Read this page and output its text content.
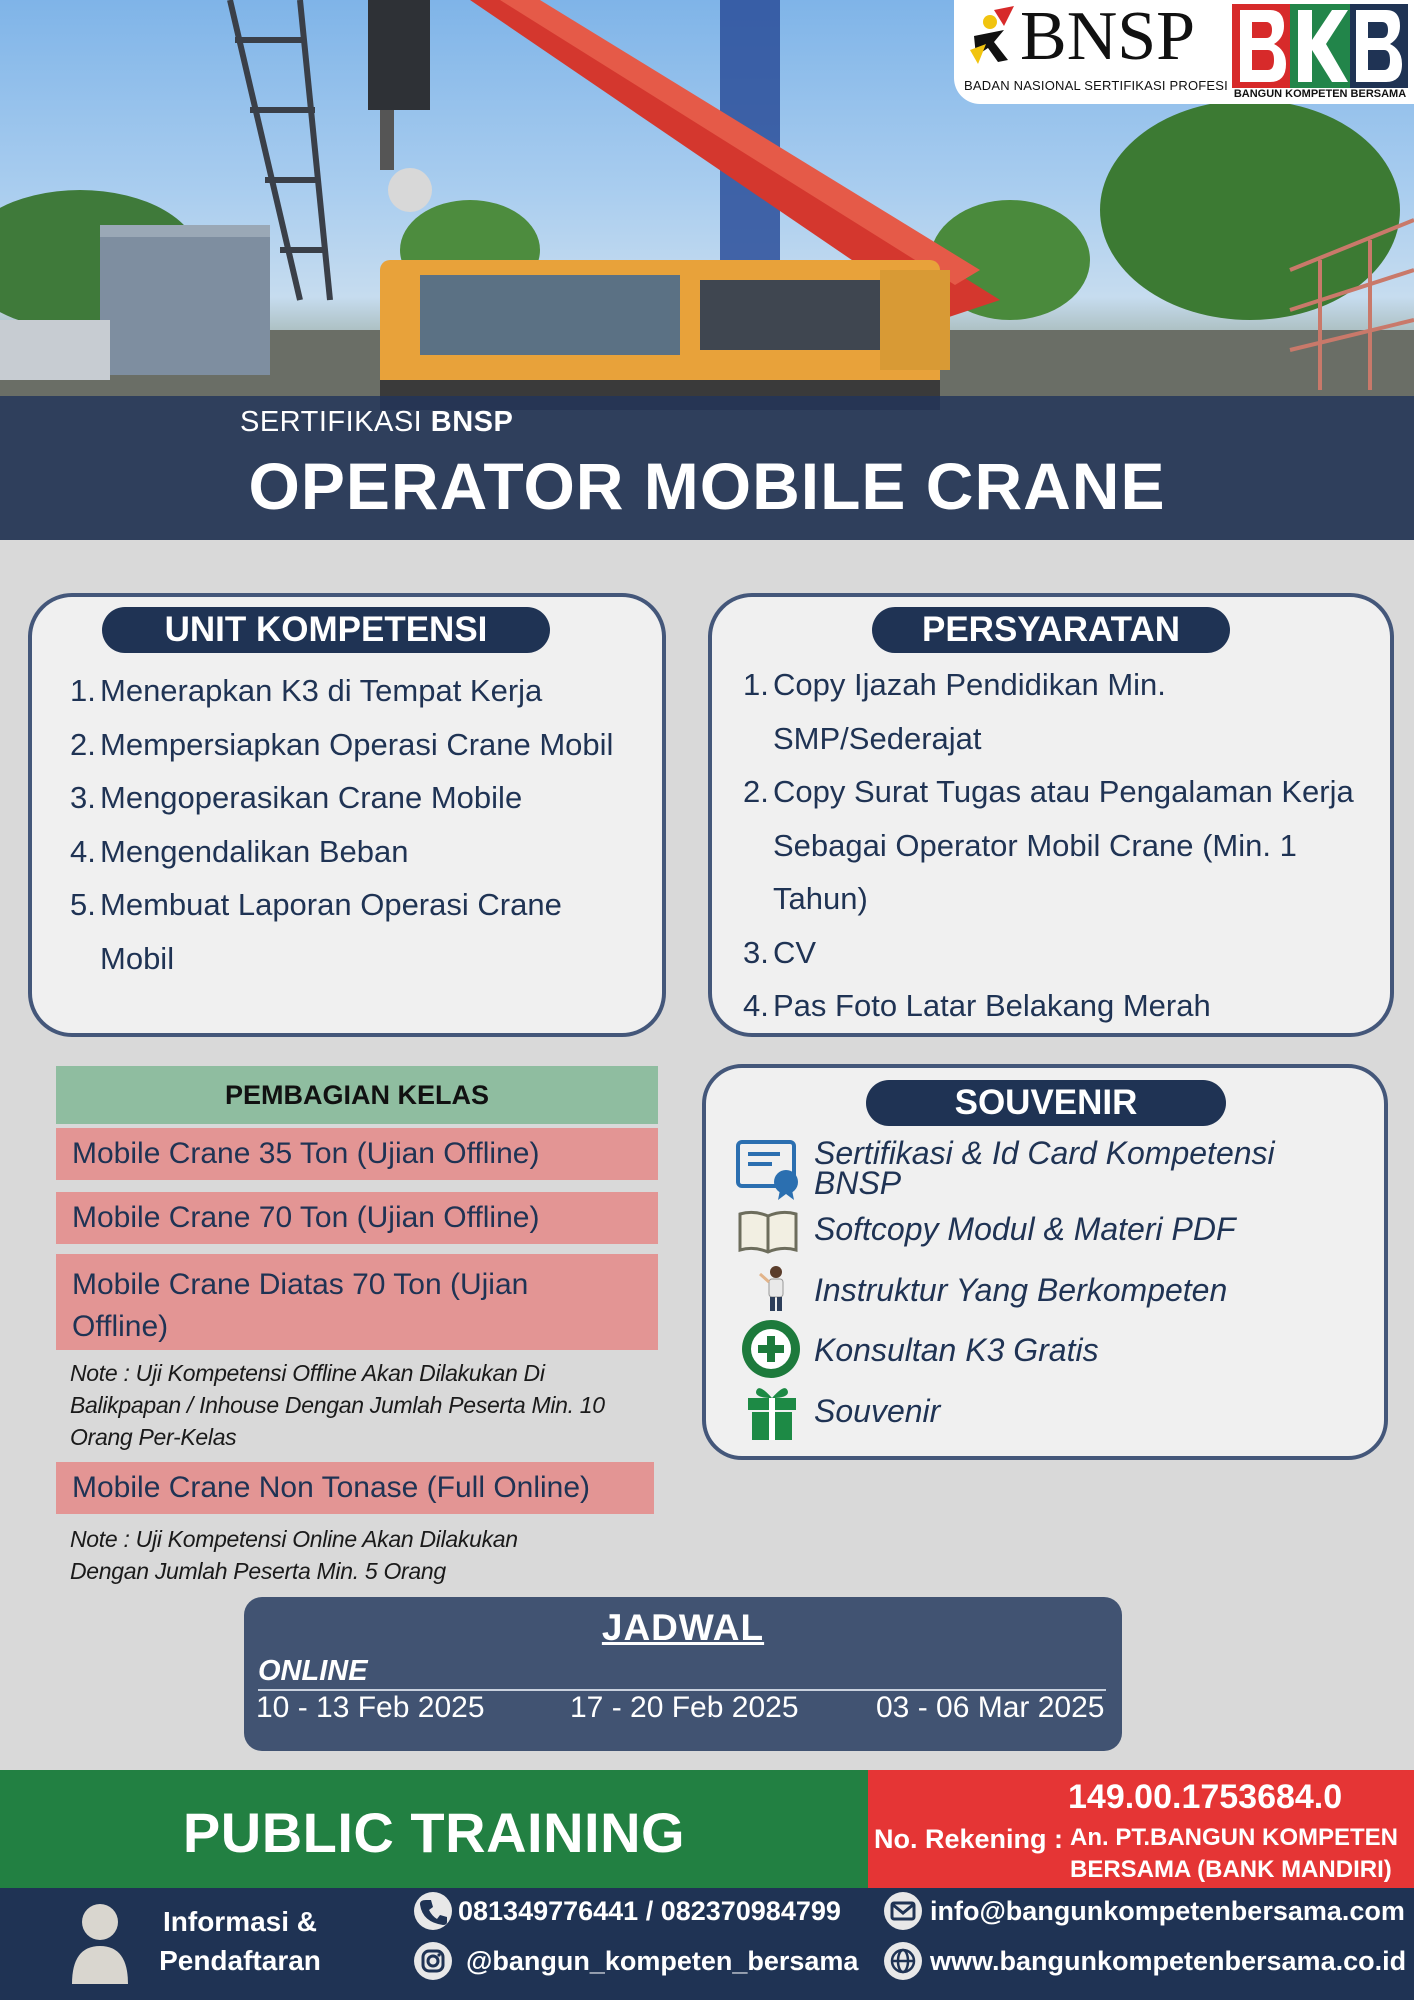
SERTIFIKASI BNSP
OPERATOR MOBILE CRANE
BNSP
BADAN NASIONAL SERTIFIKASI PROFESI
BANGUN KOMPETEN BERSAMA
UNIT KOMPETENSI
1. Menerapkan K3 di Tempat Kerja
2. Mempersiapkan Operasi Crane Mobil
3. Mengoperasikan Crane Mobile
4. Mengendalikan Beban
5. Membuat Laporan Operasi Crane
Mobil
PERSYARATAN
1. Copy Ijazah Pendidikan Min.
SMP/Sederajat
2. Copy Surat Tugas atau Pengalaman Kerja
Sebagai Operator Mobil Crane (Min. 1
Tahun)
3. CV
4. Pas Foto Latar Belakang Merah
PEMBAGIAN KELAS
Mobile Crane 35 Ton (Ujian Offline)
Mobile Crane 70 Ton (Ujian Offline)
Mobile Crane Diatas 70 Ton (Ujian
Offline)
Note : Uji Kompetensi Offline Akan Dilakukan Di
Balikpapan / Inhouse Dengan Jumlah Peserta Min. 10
Orang Per-Kelas
Mobile Crane Non Tonase (Full Online)
Note : Uji Kompetensi Online Akan Dilakukan
Dengan Jumlah Peserta Min. 5 Orang
SOUVENIR
Sertifikasi & Id Card Kompetensi
BNSP
Softcopy Modul & Materi PDF
Instruktur Yang Berkompeten
Konsultan K3 Gratis
Souvenir
JADWAL
ONLINE
10 - 13 Feb 2025	17 - 20 Feb 2025	03 - 06 Mar 2025
PUBLIC TRAINING
149.00.1753684.0
No. Rekening : An. PT.BANGUN KOMPETEN
BERSAMA (BANK MANDIRI)
Informasi &
Pendaftaran
081349776441 / 082370984799
@bangun_kompeten_bersama
info@bangunkompetenbersama.com
www.bangunkompetenbersama.co.id
